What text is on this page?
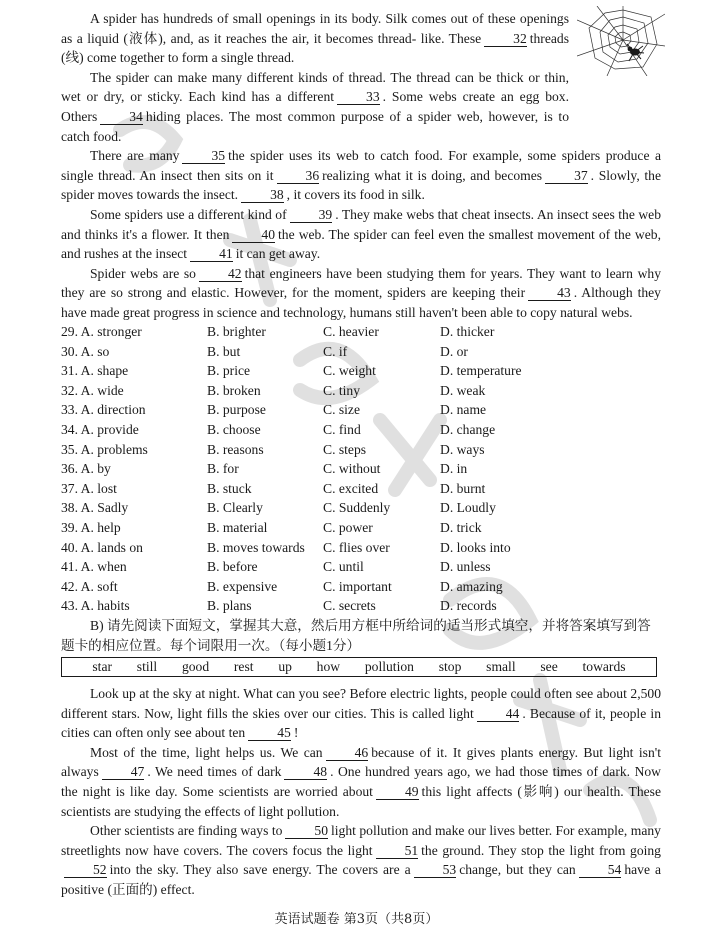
A spider has hundreds of small openings in its body. Silk comes out of these openings as a liquid (液体), and, as it reaches the air, it becomes thread- like. These 32 threads (线) come together to form a single thread.

The spider can make many different kinds of thread. The thread can be thick or thin, wet or dry, or sticky. Each kind has a different 33 . Some webs create an egg box. Others 34 hiding places. The most common purpose of a spider web, however, is to catch food.

There are many 35 the spider uses its web to catch food. For example, some spiders produce a single thread. An insect then sits on it 36 realizing what it is doing, and becomes 37 . Slowly, the spider moves towards the insect. 38 , it covers its food in silk.

Some spiders use a different kind of 39 . They make webs that cheat insects. An insect sees the web and thinks it's a flower. It then 40 the web. The spider can feel even the smallest movement of the web, and rushes at the insect 41 it can get away.

Spider webs are so 42 that engineers have been studying them for years. They want to learn why they are so strong and elastic. However, for the moment, spiders are keeping their 43 . Although they have made great progress in science and technology, humans still haven't been able to copy natural webs.

29. A. stronger	B. brighter	C. heavier	D. thicker
30. A. so	B. but	C. if	D. or
31. A. shape	B. price	C. weight	D. temperature
32. A. wide	B. broken	C. tiny	D. weak
33. A. direction	B. purpose	C. size	D. name
34. A. provide	B. choose	C. find	D. change
35. A. problems	B. reasons	C. steps	D. ways
36. A. by	B. for	C. without	D. in
37. A. lost	B. stuck	C. excited	D. burnt
38. A. Sadly	B. Clearly	C. Suddenly	D. Loudly
39. A. help	B. material	C. power	D. trick
40. A. lands on	B. moves towards	C. flies over	D. looks into
41. A. when	B. before	C. until	D. unless
42. A. soft	B. expensive	C. important	D. amazing
43. A. habits	B. plans	C. secrets	D. records

B) 请先阅读下面短文，掌握其大意，然后用方框中所给词的适当形式填空，并将答案填写到答题卡的相应位置。每个词限用一次。（每小题1分）

star still good rest up how pollution stop small see towards

Look up at the sky at night. What can you see? Before electric lights, people could often see about 2,500 different stars. Now, light fills the skies over our cities. This is called light 44 . Because of it, people in cities can often only see about ten 45 !

Most of the time, light helps us. We can 46 because of it. It gives plants energy. But light isn't always 47 . We need times of dark 48 . One hundred years ago, we had those times of dark. Now the night is like day. Some scientists are worried about 49 this light affects (影响) our health. These scientists are studying the effects of light pollution.

Other scientists are finding ways to 50 light pollution and make our lives better. For example, many streetlights now have covers. The covers focus the light 51 the ground. They stop the light from going52 into the sky. They also save energy. The covers are a 53 change, but they can 54 have a positive (正面的) effect.

英语试题卷 第3页（共8页）
